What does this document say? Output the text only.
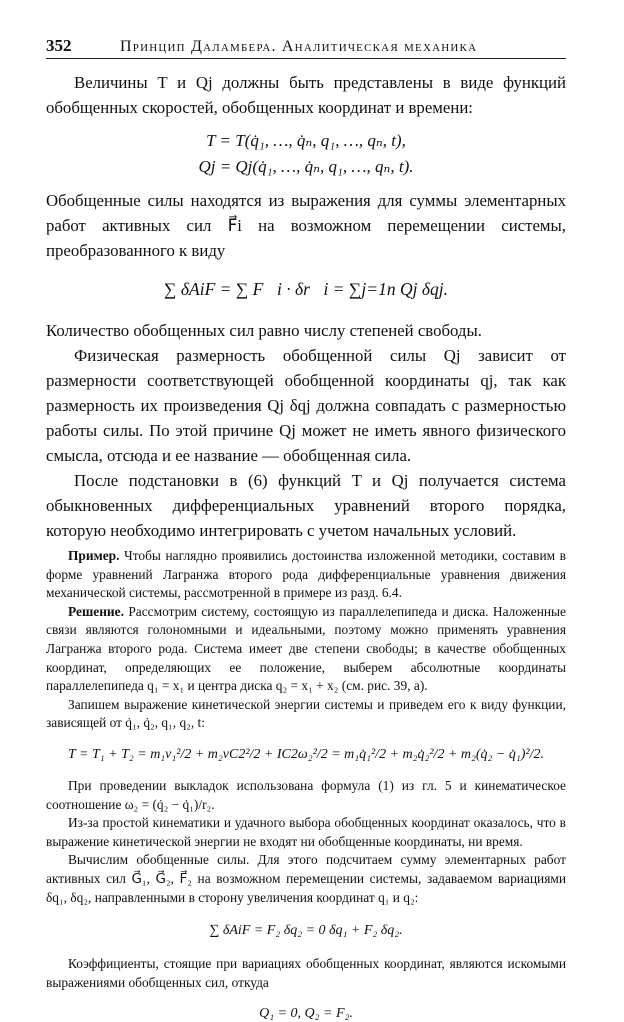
352	Принцип Даламбера. Аналитическая механика

Величины T и Qj должны быть представлены в виде функций обобщенных скоростей, обобщенных координат и времени:

T = T(q̇₁, …, q̇ₙ, q₁, …, qₙ, t),

Qj = Qj(q̇₁, …, q̇ₙ, q₁, …, qₙ, t).

Обобщенные силы находятся из выражения для суммы элементарных работ активных сил F⃗i на возможном перемещении системы, преобразованного к виду

∑ δAiF = ∑ F⃗i · δr⃗i = ∑j=1n Qj δqj.

Количество обобщенных сил равно числу степеней свободы.

Физическая размерность обобщенной силы Qj зависит от размерности соответствующей обобщенной координаты qj, так как размерность их произведения Qj δqj должна совпадать с размерностью работы силы. По этой причине Qj может не иметь явного физического смысла, отсюда и ее название — обобщенная сила.

После подстановки в (6) функций T и Qj получается система обыкновенных дифференциальных уравнений второго порядка, которую необходимо интегрировать с учетом начальных условий.

Пример. Чтобы наглядно проявились достоинства изложенной методики, составим в форме уравнений Лагранжа второго рода дифференциальные уравнения движения механической системы, рассмотренной в примере из разд. 6.4.

Решение. Рассмотрим систему, состоящую из параллелепипеда и диска. Наложенные связи являются голономными и идеальными, поэтому можно применять уравнения Лагранжа второго рода. Система имеет две степени свободы; в качестве обобщенных координат, определяющих ее положение, выберем абсолютные координаты параллелепипеда q₁ = x₁ и центра диска q₂ = x₁ + x₂ (см. рис. 39, a).

Запишем выражение кинетической энергии системы и приведем его к виду функции, зависящей от q̇₁, q̇₂, q₁, q₂, t:

T = T₁ + T₂ = m₁v₁²/2 + m₂vC2²/2 + IC2ω₂²/2 = m₁q̇₁²/2 + m₂q̇₂²/2 + m₂(q̇₂ − q̇₁)²/2.

При проведении выкладок использована формула (1) из гл. 5 и кинематическое соотношение ω₂ = (q̇₂ − q̇₁)/r₂.

Из-за простой кинематики и удачного выбора обобщенных координат оказалось, что в выражение кинетической энергии не входят ни обобщенные координаты, ни время.

Вычислим обобщенные силы. Для этого подсчитаем сумму элементарных работ активных сил G⃗₁, G⃗₂, F⃗₂ на возможном перемещении системы, задаваемом вариациями δq₁, δq₂, направленными в сторону увеличения координат q₁ и q₂:

∑ δAiF = F₂ δq₂ = 0 δq₁ + F₂ δq₂.

Коэффициенты, стоящие при вариациях обобщенных координат, являются искомыми выражениями обобщенных сил, откуда

Q₁ = 0, Q₂ = F₂.
